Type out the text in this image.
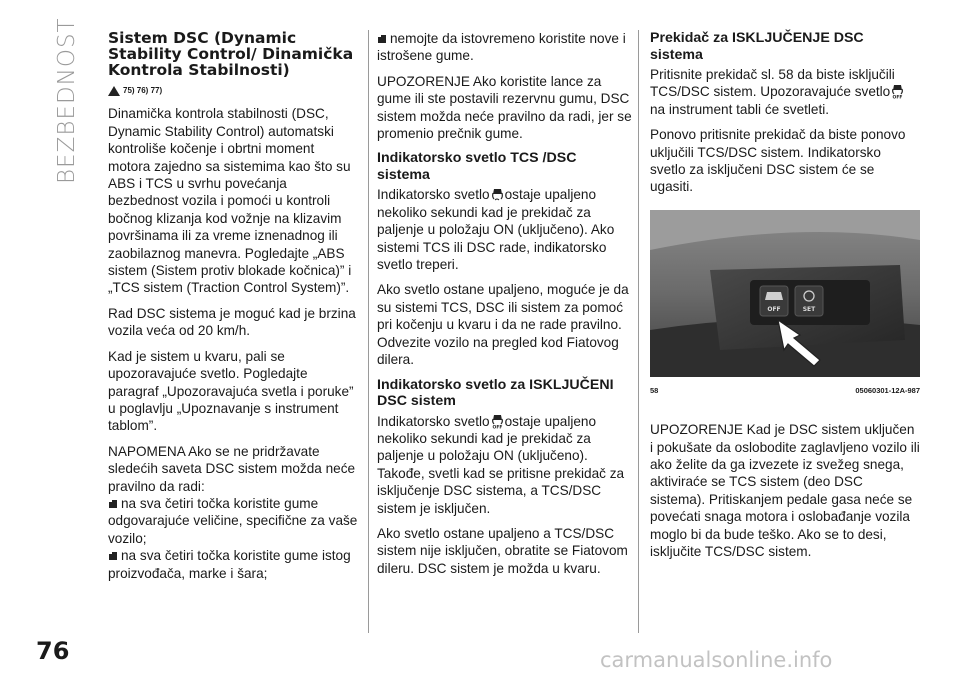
BEZBEDNOST Sistem DSC (Dynamic Stability Control/ Dinamička Kontrola Stabilnosti)
75) 76) 77)

Dinamička kontrola stabilnosti (DSC, Dynamic Stability Control) automatski kontroliše kočenje i obrtni moment motora zajedno sa sistemima kao što su ABS i TCS u svrhu povećanja bezbednost vozila i pomoći u kontroli bočnog klizanja kod vožnje na klizavim površinama ili za vreme iznenadnog ili zaobilaznog manevra. Pogledajte „ABS sistem (Sistem protiv blokade kočnica)” i „TCS sistem (Traction Control System)”.

Rad DSC sistema je moguć kad je brzina vozila veća od 20 km/h.

Kad je sistem u kvaru, pali se upozoravajuće svetlo. Pogledajte paragraf „Upozoravajuća svetla i poruke” u poglavlju „Upoznavanje s instrument tablom”.

NAPOMENA Ako se ne pridržavate sledećih saveta DSC sistem možda neće pravilno da radi:

na sva četiri točka koristite gume odgovarajuće veličine, specifične za vaše vozilo;

na sva četiri točka koristite gume istog proizvođača, marke i šara;

nemojte da istovremeno koristite nove i istrošene gume.

UPOZORENJE Ako koristite lance za gume ili ste postavili rezervnu gumu, DSC sistem možda neće pravilno da radi, jer se promenio prečnik gume.

Indikatorsko svetlo TCS /DSC sistema

Indikatorsko svetlo ostaje upaljeno nekoliko sekundi kad je prekidač za paljenje u položaju ON (uključeno). Ako sistemi TCS ili DSC rade, indikatorsko svetlo treperi.

Ako svetlo ostane upaljeno, moguće je da su sistemi TCS, DSC ili sistem za pomoć pri kočenju u kvaru i da ne rade pravilno. Odvezite vozilo na pregled kod Fiatovog dilera.

Indikatorsko svetlo za ISKLJUČENI DSC sistem

Indikatorsko svetlo OFF ostaje upaljeno nekoliko sekundi kad je prekidač za paljenje u položaju ON (uključeno). Takođe, svetli kad se pritisne prekidač za isključenje DSC sistema, a TCS/DSC sistem je isključen.

Ako svetlo ostane upaljeno a TCS/DSC sistem nije isključen, obratite se Fiatovom dileru. DSC sistem je možda u kvaru.

Prekidač za ISKLJUČENJE DSC sistema

Pritisnite prekidač sl. 58 da biste isključili TCS/DSC sistem. Upozoravajuće svetlo OFF
na instrument tabli će svetleti.

Ponovo pritisnite prekidač da biste ponovo uključili TCS/DSC sistem. Indikatorsko svetlo za isključeni DSC sistem će se ugasiti.

OFF	SET
58	05060301-12A-987

UPOZORENJE Kad je DSC sistem uključen i pokušate da oslobodite zaglavljeno vozilo ili ako želite da ga izvezete iz svežeg snega, aktiviraće se TCS sistem (deo DSC sistema). Pritiskanjem pedale gasa neće se povećati snaga motora i oslobađanje vozila moglo bi da bude teško. Ako se to desi, isključite TCS/DSC sistem.

76	carmanualsonline.info
